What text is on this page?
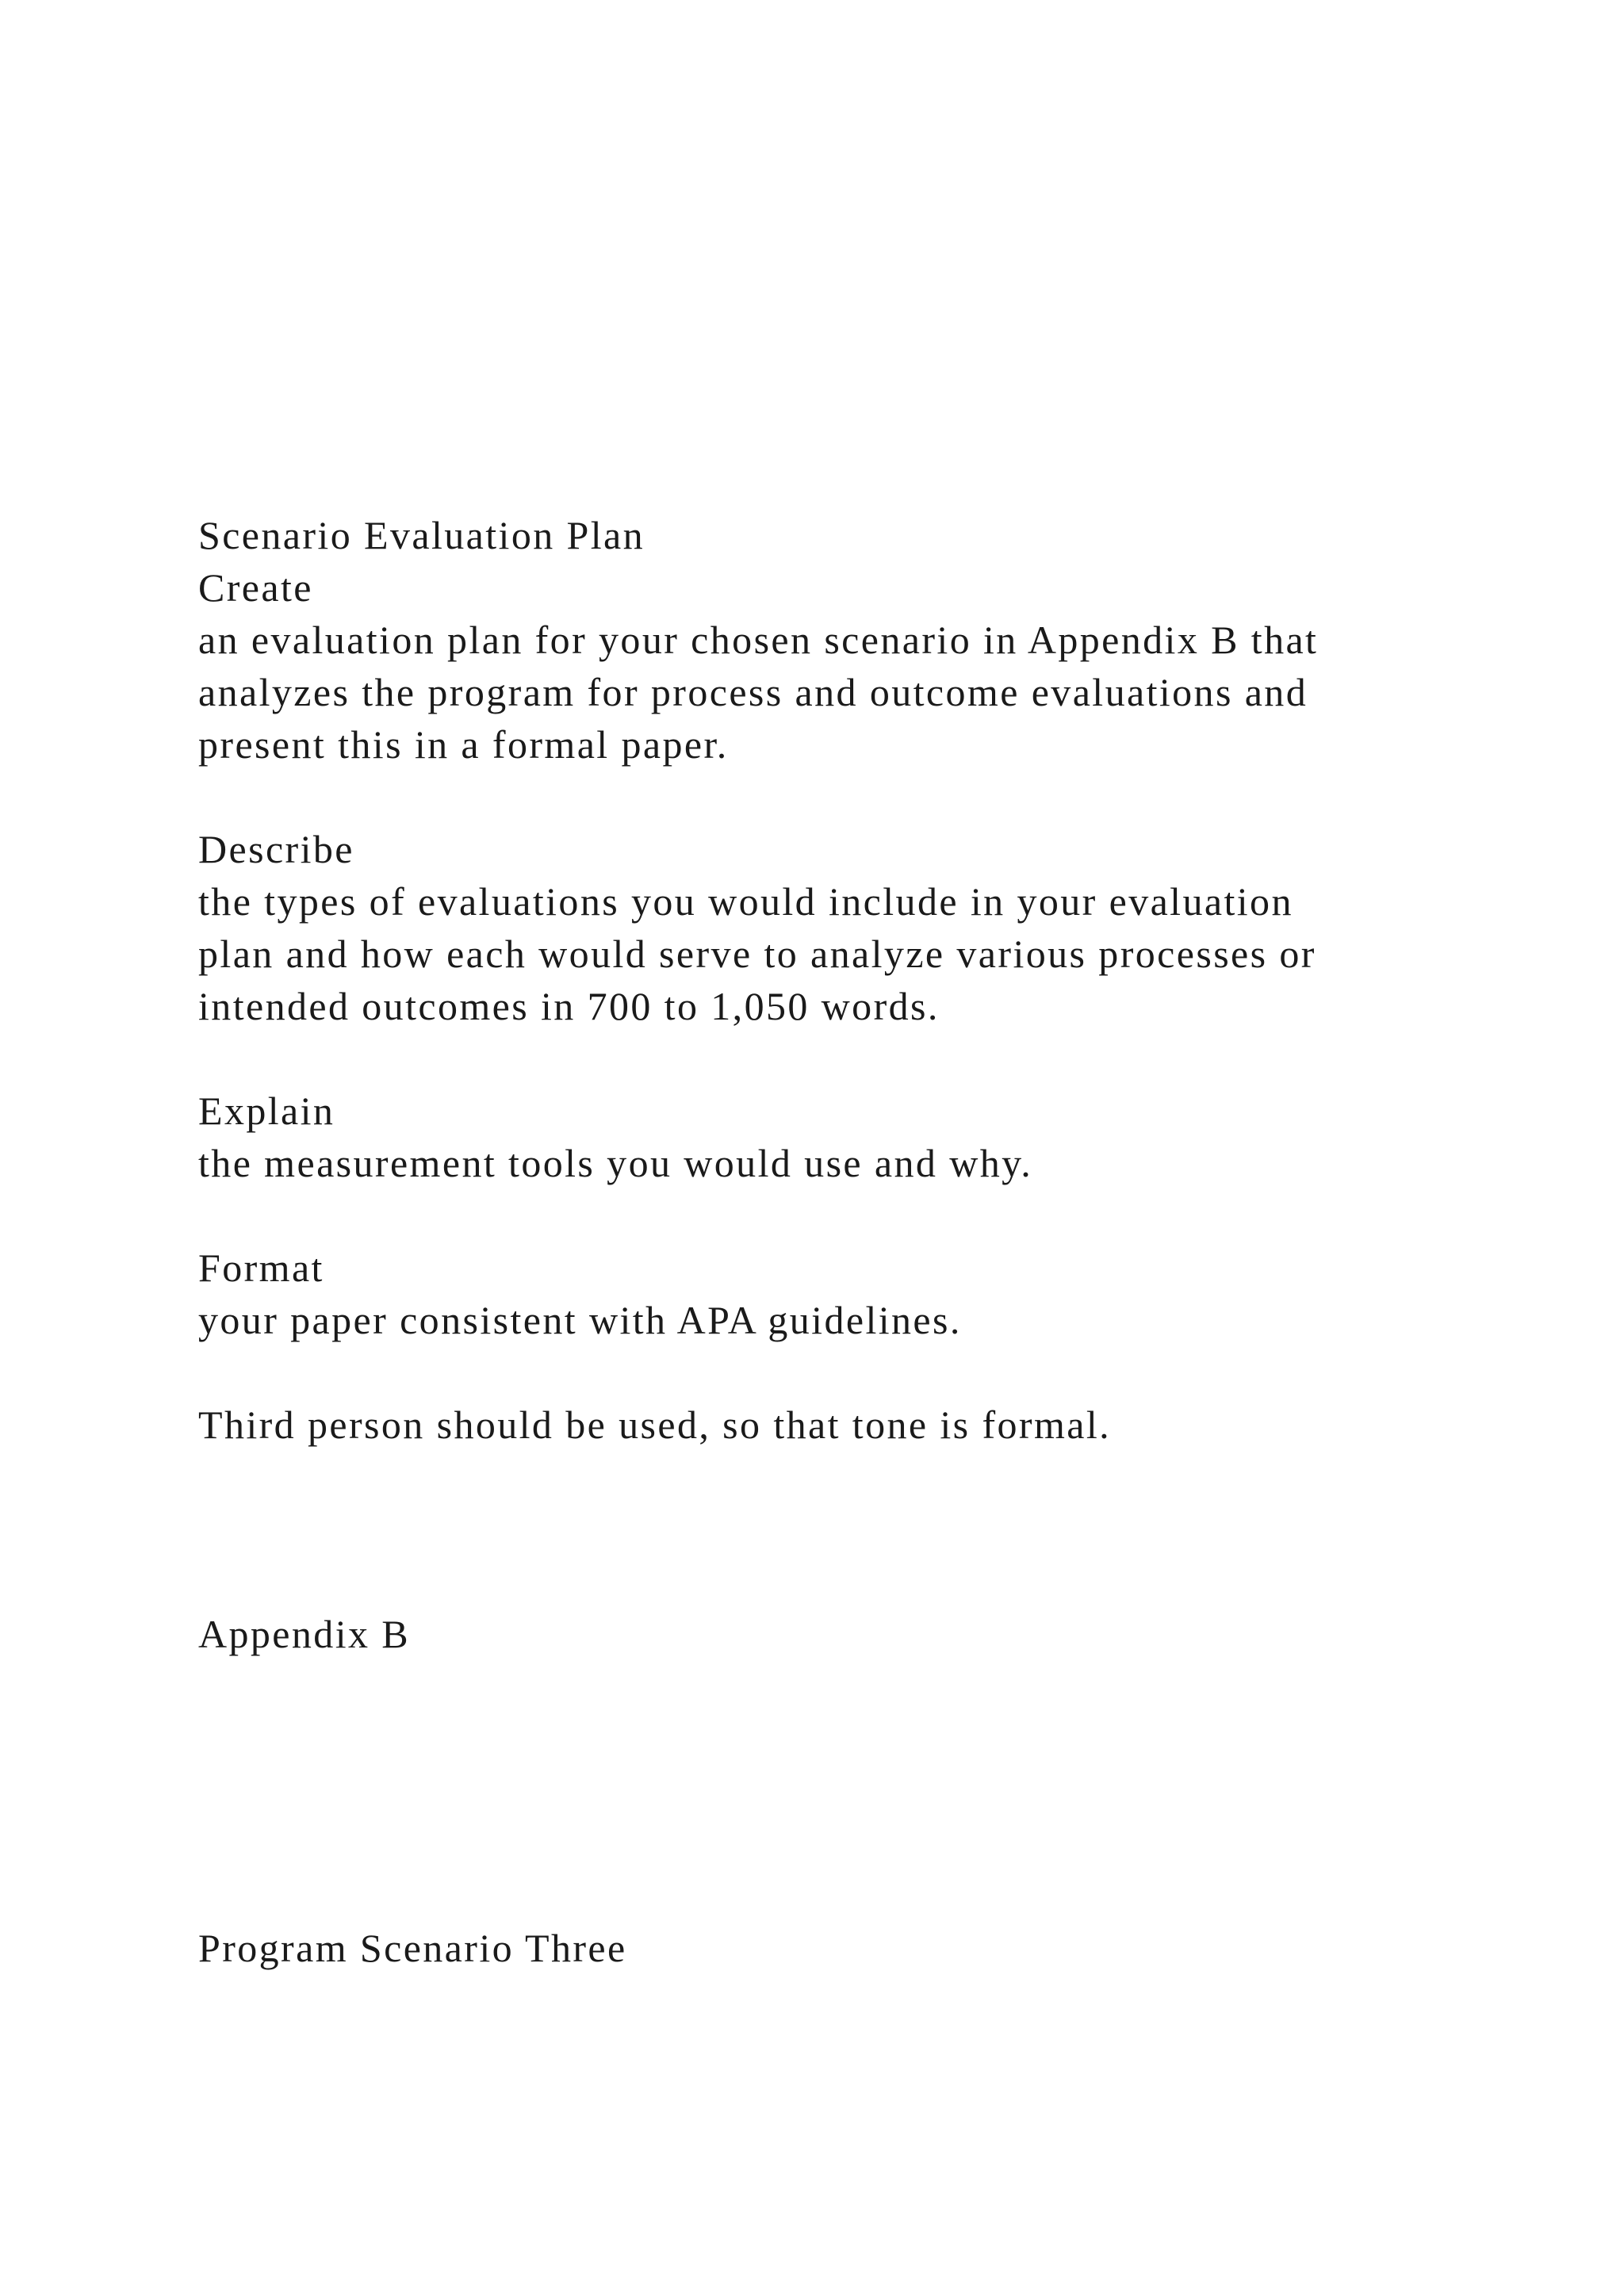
Scenario Evaluation Plan
Create
an evaluation plan for your chosen scenario in Appendix B that
analyzes the program for process and outcome evaluations and
present this in a formal paper.
Describe
the types of evaluations you would include in your evaluation
plan and how each would serve to analyze various processes or
intended outcomes in 700 to 1,050 words.
Explain
the measurement tools you would use and why.
Format
your paper consistent with APA guidelines.
Third person should be used, so that tone is formal.
Appendix B
Program Scenario Three
